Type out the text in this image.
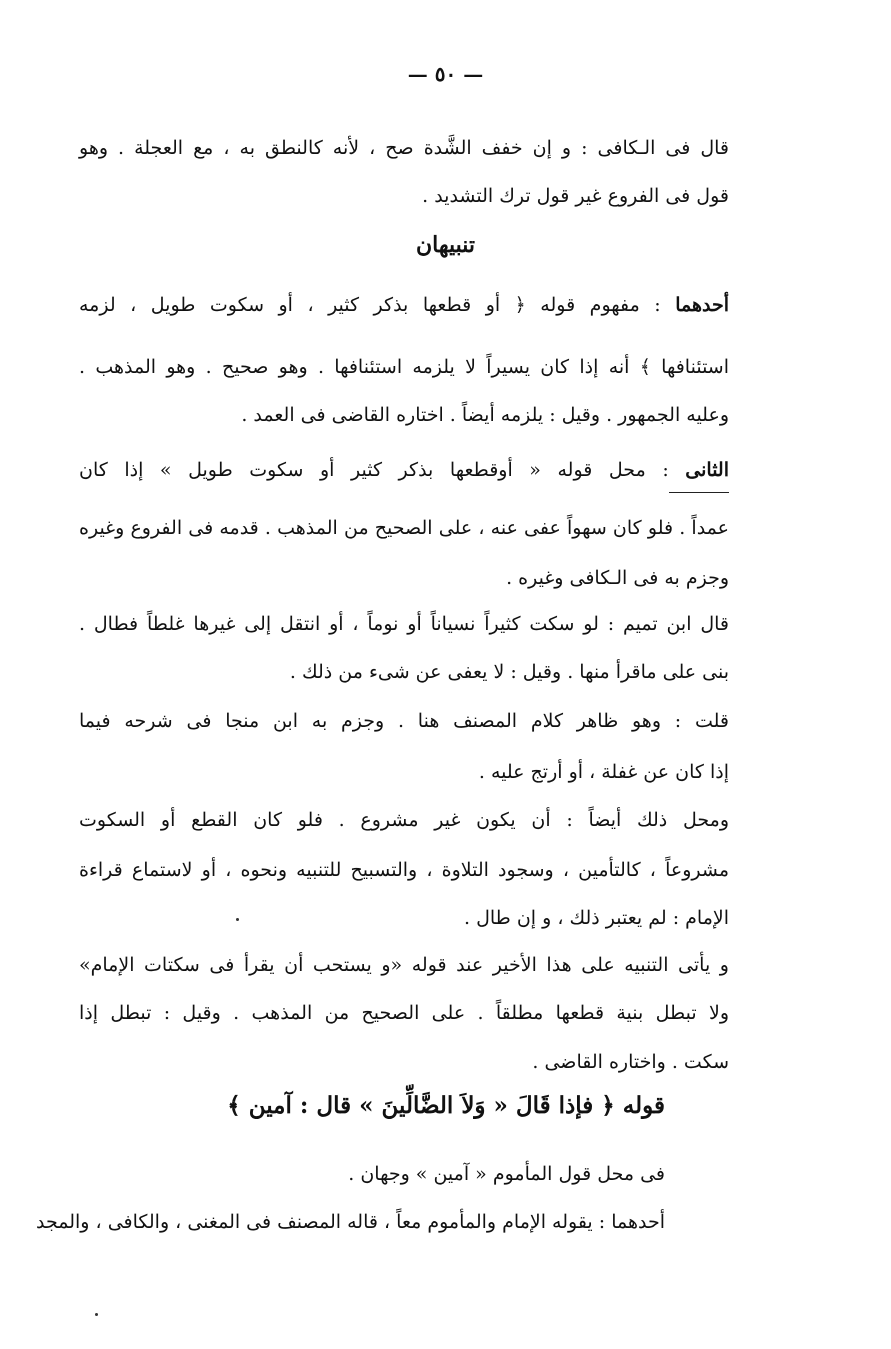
— ٥٠ —
قال فى الـكافى : و إن خفف الشَّدة صح ، لأنه كالنطق به ، مع العجلة . وهو
قول فى الفروع غير قول ترك التشديد .
تنبيهان
أحدهما : مفهوم قوله ﴿ أو قطعها بذكر كثير ، أو سكوت طويل ، لزمه
استئنافها ﴾ أنه إذا كان يسيراً لا يلزمه استئنافها . وهو صحيح . وهو المذهب .
وعليه الجمهور . وقيل : يلزمه أيضاً . اختاره القاضى فى العمد .
الثانى : محل قوله « أوقطعها بذكر كثير أو سكوت طويل » إذا كان
عمداً . فلو كان سهواً عفى عنه ، على الصحيح من المذهب . قدمه فى الفروع وغيره
وجزم به فى الـكافى وغيره .
قال ابن تميم : لو سكت كثيراً نسياناً أو نوماً ، أو انتقل إلى غيرها غلطاً فطال .
بنى على ماقرأ منها . وقيل : لا يعفى عن شىء من ذلك .
قلت : وهو ظاهر كلام المصنف هنا . وجزم به ابن منجا فى شرحه فيما
إذا كان عن غفلة ، أو أرتج عليه .
ومحل ذلك أيضاً : أن يكون غير مشروع . فلو كان القطع أو السكوت
مشروعاً ، كالتأمين ، وسجود التلاوة ، والتسبيح للتنبيه ونحوه ، أو لاستماع قراءة
الإمام : لم يعتبر ذلك ، و إن طال .
و يأتى التنبيه على هذا الأخير عند قوله «و يستحب أن يقرأ فى سكتات الإمام»
ولا تبطل بنية قطعها مطلقاً . على الصحيح من المذهب . وقيل : تبطل إذا
سكت . واختاره القاضى .
قوله ﴿ فإذا قَالَ « وَلاَ الضَّالِّينَ » قال : آمين ﴾
فى محل قول المأموم « آمين » وجهان .
أحدهما : يقوله الإمام والمأموم معاً ، قاله المصنف فى المغنى ، والكافى ، والمجد
